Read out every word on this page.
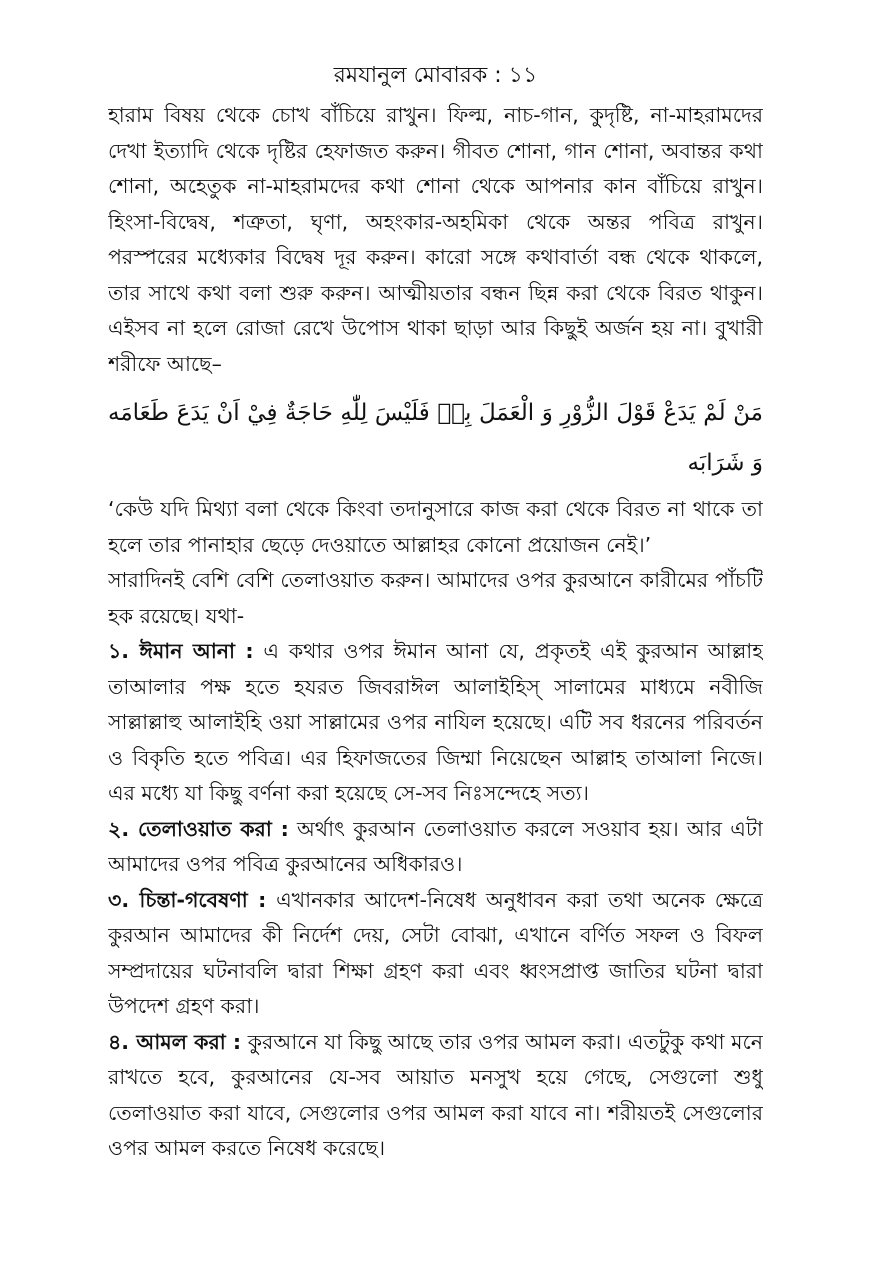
রমযানুল মোবারক : ১১

হারাম বিষয় থেকে চোখ বাঁচিয়ে রাখুন। ফিল্ম, নাচ-গান, কুদৃষ্টি, না-মাহরামদের দেখা ইত্যাদি থেকে দৃষ্টির হেফাজত করুন। গীবত শোনা, গান শোনা, অবান্তর কথা শোনা, অহেতুক না-মাহরামদের কথা শোনা থেকে আপনার কান বাঁচিয়ে রাখুন। হিংসা-বিদ্বেষ, শত্রুতা, ঘৃণা, অহংকার-অহমিকা থেকে অন্তর পবিত্র রাখুন। পরস্পরের মধ্যেকার বিদ্বেষ দূর করুন। কারো সঙ্গে কথাবার্তা বন্ধ থেকে থাকলে, তার সাথে কথা বলা শুরু করুন। আত্মীয়তার বন্ধন ছিন্ন করা থেকে বিরত থাকুন। এইসব না হলে রোজা রেখে উপোস থাকা ছাড়া আর কিছুই অর্জন হয় না। বুখারী শরীফে আছে–

مَنْ لَمْ يَدَعْ قَوْلَ الزُّوْرِ وَ الْعَمَلَ بِهٖ فَلَيْسَ لِلّٰهِ حَاجَةٌ فِيْ اَنْ يَدَعَ طَعَامَه وَ شَرَابَه

‘কেউ যদি মিথ্যা বলা থেকে কিংবা তদানুসারে কাজ করা থেকে বিরত না থাকে তা হলে তার পানাহার ছেড়ে দেওয়াতে আল্লাহর কোনো প্রয়োজন নেই।’

সারাদিনই বেশি বেশি তেলাওয়াত করুন। আমাদের ওপর কুরআনে কারীমের পাঁচটি হক রয়েছে। যথা-

১. ঈমান আনা : এ কথার ওপর ঈমান আনা যে, প্রকৃতই এই কুরআন আল্লাহ তাআলার পক্ষ হতে হযরত জিবরাঈল আলাইহিস্ সালামের মাধ্যমে নবীজি সাল্লাল্লাহু আলাইহি ওয়া সাল্লামের ওপর নাযিল হয়েছে। এটি সব ধরনের পরিবর্তন ও বিকৃতি হতে পবিত্র। এর হিফাজতের জিম্মা নিয়েছেন আল্লাহ তাআলা নিজে। এর মধ্যে যা কিছু বর্ণনা করা হয়েছে সে-সব নিঃসন্দেহে সত্য।

২. তেলাওয়াত করা : অর্থাৎ কুরআন তেলাওয়াত করলে সওয়াব হয়। আর এটা আমাদের ওপর পবিত্র কুরআনের অধিকারও।

৩. চিন্তা-গবেষণা : এখানকার আদেশ-নিষেধ অনুধাবন করা তথা অনেক ক্ষেত্রে কুরআন আমাদের কী নির্দেশ দেয়, সেটা বোঝা, এখানে বর্ণিত সফল ও বিফল সম্প্রদায়ের ঘটনাবলি দ্বারা শিক্ষা গ্রহণ করা এবং ধ্বংসপ্রাপ্ত জাতির ঘটনা দ্বারা উপদেশ গ্রহণ করা।

৪. আমল করা : কুরআনে যা কিছু আছে তার ওপর আমল করা। এতটুকু কথা মনে রাখতে হবে, কুরআনের যে-সব আয়াত মনসুখ হয়ে গেছে, সেগুলো শুধু তেলাওয়াত করা যাবে, সেগুলোর ওপর আমল করা যাবে না। শরীয়তই সেগুলোর ওপর আমল করতে নিষেধ করেছে।
